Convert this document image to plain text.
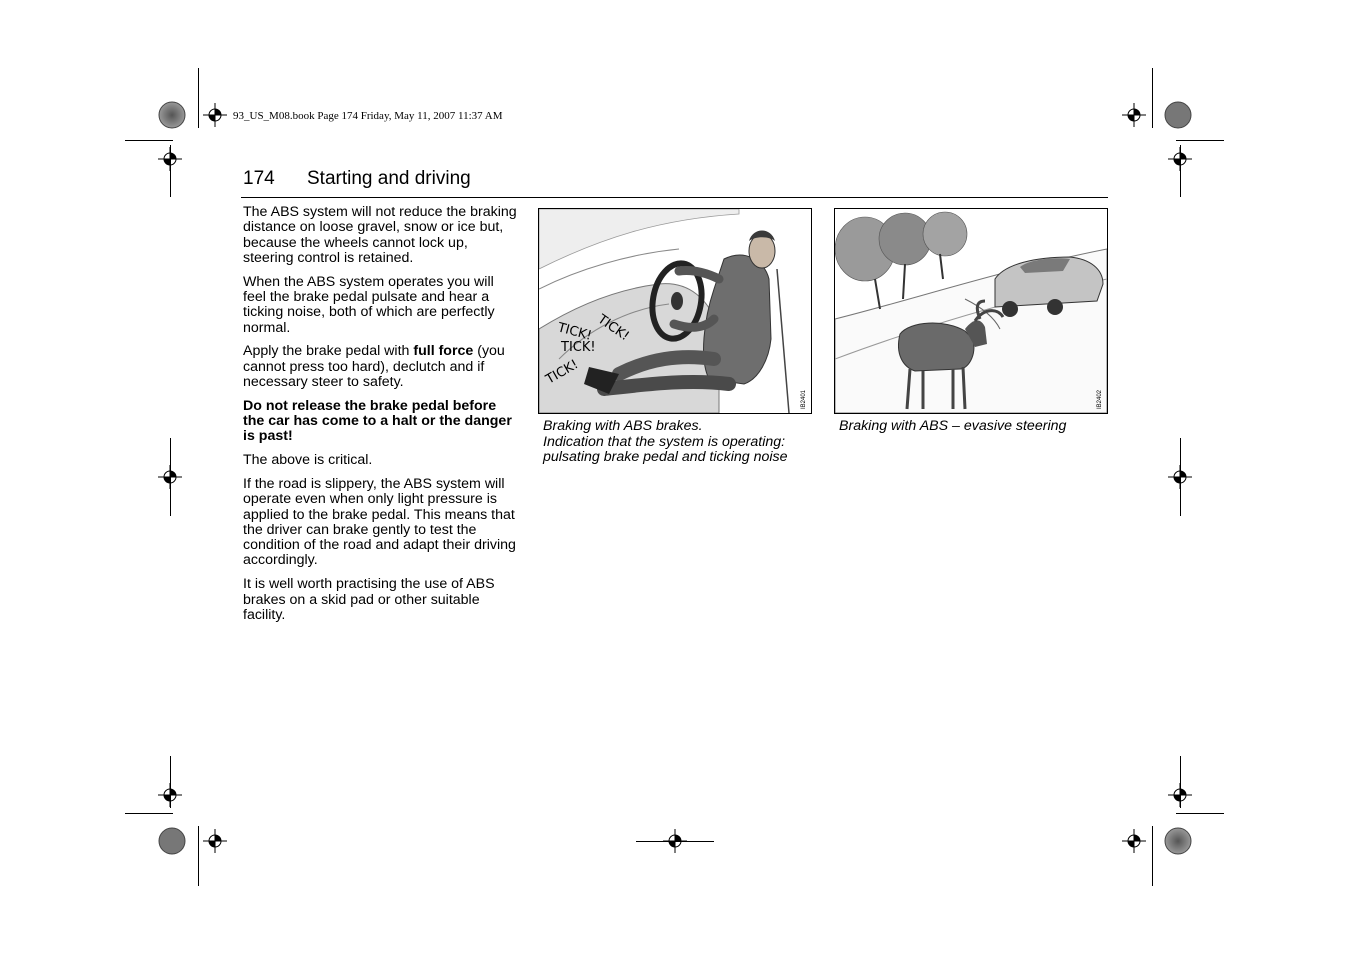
93_US_M08.book Page 174 Friday, May 11, 2007 11:37 AM
174 Starting and driving

The ABS system will not reduce the braking distance on loose gravel, snow or ice but, because the wheels cannot lock up, steering control is retained.

When the ABS system operates you will feel the brake pedal pulsate and hear a ticking noise, both of which are perfectly normal.

Apply the brake pedal with full force (you cannot press too hard), declutch and if necessary steer to safety.

Do not release the brake pedal before the car has come to a halt or the danger is past!

The above is critical.

If the road is slippery, the ABS system will operate even when only light pressure is applied to the brake pedal. This means that the driver can brake gently to test the condition of the road and adapt their driving accordingly.

It is well worth practising the use of ABS brakes on a skid pad or other suitable facility.

TICK! TICK!
TICK!
TICK!
IB2401	IB2402
Braking with ABS brakes.
Indication that the system is operating: pulsating brake pedal and ticking noise
Braking with ABS – evasive steering
